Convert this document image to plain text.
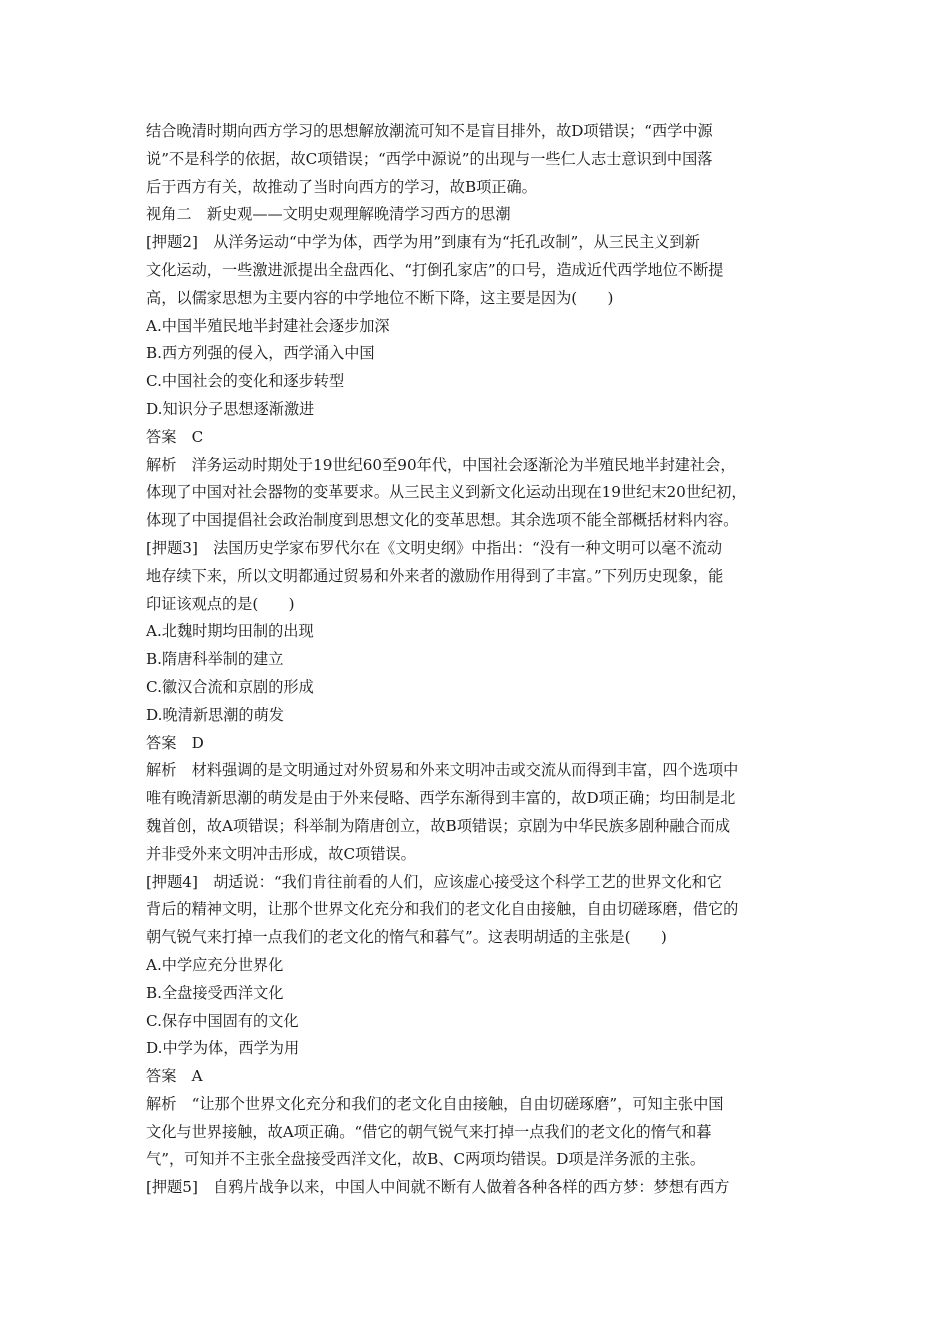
结合晚清时期向西方学习的思想解放潮流可知不是盲目排外，故D项错误；“西学中源
说”不是科学的依据，故C项错误；“西学中源说”的出现与一些仁人志士意识到中国落
后于西方有关，故推动了当时向西方的学习，故B项正确。
视角二　新史观——文明史观理解晚清学习西方的思潮
[押题2]　从洋务运动“中学为体，西学为用”到康有为“托孔改制”，从三民主义到新
文化运动，一些激进派提出全盘西化、“打倒孔家店”的口号，造成近代西学地位不断提
高，以儒家思想为主要内容的中学地位不断下降，这主要是因为(　　)
A.中国半殖民地半封建社会逐步加深
B.西方列强的侵入，西学涌入中国
C.中国社会的变化和逐步转型
D.知识分子思想逐渐激进
答案　C
解析　洋务运动时期处于19世纪60至90年代，中国社会逐渐沦为半殖民地半封建社会，
体现了中国对社会器物的变革要求。从三民主义到新文化运动出现在19世纪末20世纪初，
体现了中国提倡社会政治制度到思想文化的变革思想。其余选项不能全部概括材料内容。
[押题3]　法国历史学家布罗代尔在《文明史纲》中指出：“没有一种文明可以毫不流动
地存续下来，所以文明都通过贸易和外来者的激励作用得到了丰富。”下列历史现象，能
印证该观点的是(　　)
A.北魏时期均田制的出现
B.隋唐科举制的建立
C.徽汉合流和京剧的形成
D.晚清新思潮的萌发
答案　D
解析　材料强调的是文明通过对外贸易和外来文明冲击或交流从而得到丰富，四个选项中
唯有晚清新思潮的萌发是由于外来侵略、西学东渐得到丰富的，故D项正确；均田制是北
魏首创，故A项错误；科举制为隋唐创立，故B项错误；京剧为中华民族多剧种融合而成
并非受外来文明冲击形成，故C项错误。
[押题4]　胡适说：“我们肯往前看的人们，应该虚心接受这个科学工艺的世界文化和它
背后的精神文明，让那个世界文化充分和我们的老文化自由接触，自由切磋琢磨，借它的
朝气锐气来打掉一点我们的老文化的惰气和暮气”。这表明胡适的主张是(　　)
A.中学应充分世界化
B.全盘接受西洋文化
C.保存中国固有的文化
D.中学为体，西学为用
答案　A
解析　“让那个世界文化充分和我们的老文化自由接触，自由切磋琢磨”，可知主张中国
文化与世界接触，故A项正确。“借它的朝气锐气来打掉一点我们的老文化的惰气和暮
气”，可知并不主张全盘接受西洋文化，故B、C两项均错误。D项是洋务派的主张。
[押题5]　自鸦片战争以来，中国人中间就不断有人做着各种各样的西方梦：梦想有西方
